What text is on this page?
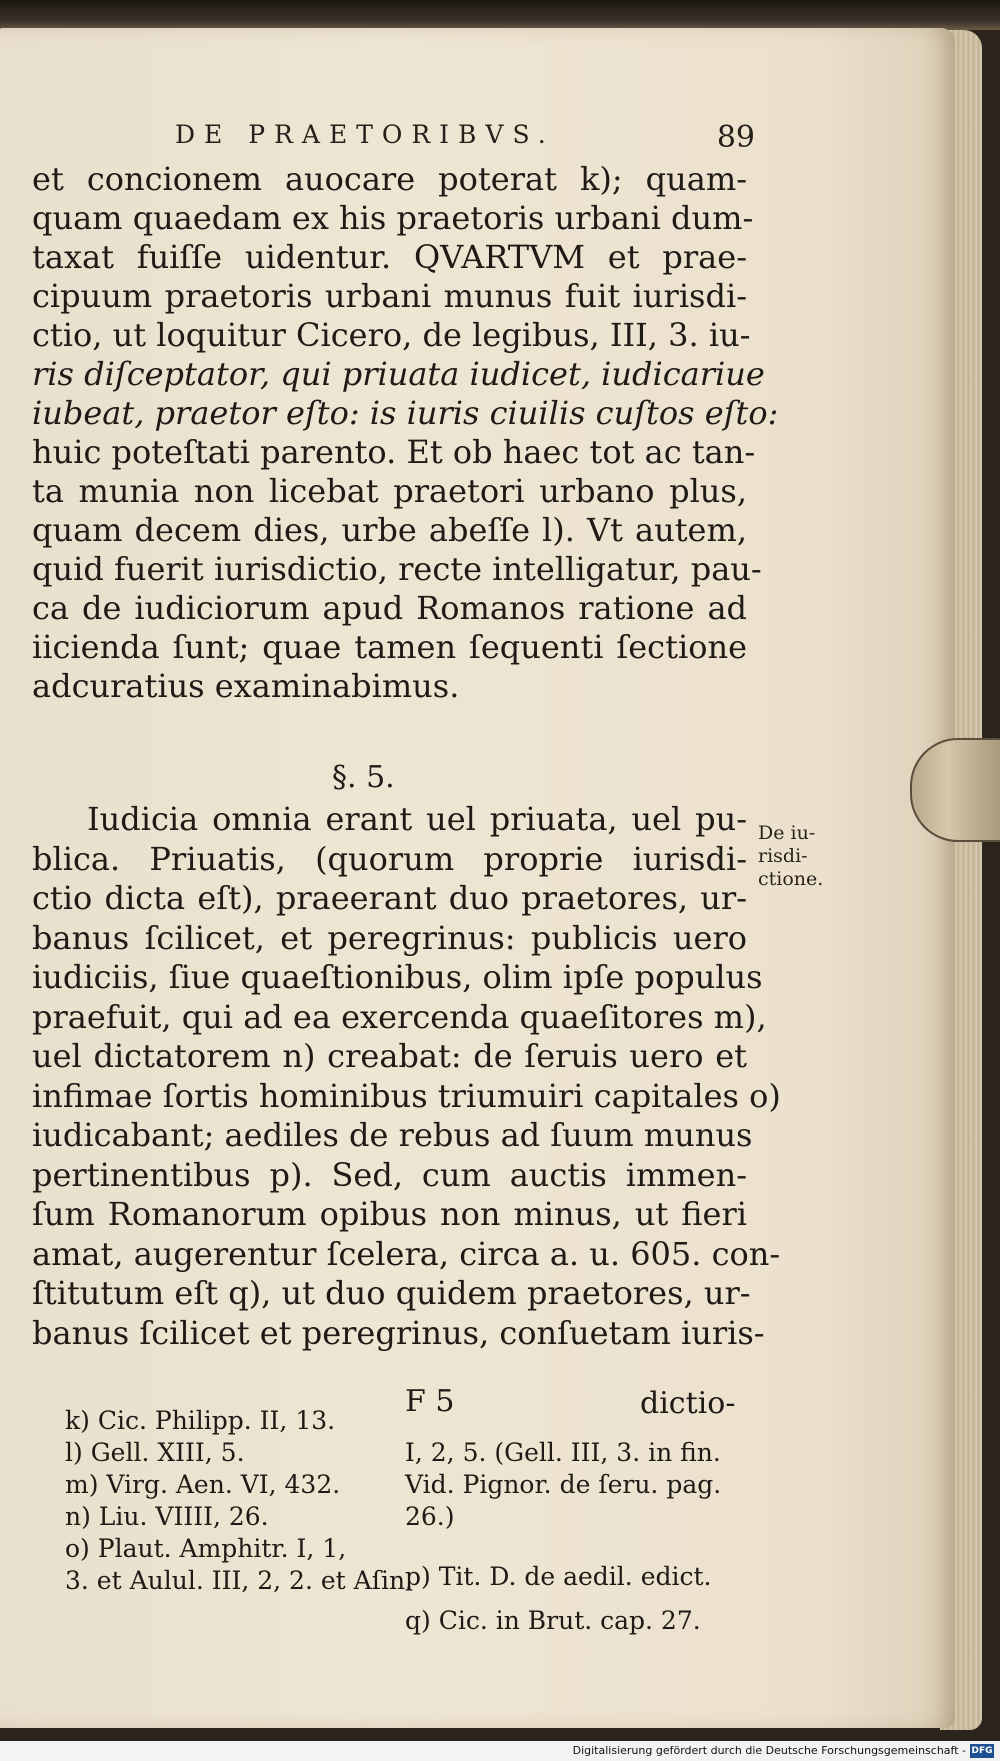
DE PRAETORIBVS.	89
et concionem auocare poterat k); quam-
quam quaedam ex his praetoris urbani dum-
taxat fuiſſe uidentur. QVARTVM et prae-
cipuum praetoris urbani munus fuit iurisdi-
ctio, ut loquitur Cicero, de legibus, III, 3. iu-
ris diſceptator, qui priuata iudicet, iudicariue
iubeat, praetor eſto: is iuris ciuilis cuſtos eſto:
huic poteſtati parento. Et ob haec tot ac tan-
ta munia non licebat praetori urbano plus,
quam decem dies, urbe abeſſe l). Vt autem,
quid fuerit iurisdictio, recte intelligatur, pau-
ca de iudiciorum apud Romanos ratione ad
iicienda ſunt; quae tamen ſequenti ſectione
adcuratius examinabimus.
§. 5.
Iudicia omnia erant uel priuata, uel pu-
blica. Priuatis, (quorum proprie iurisdi-
ctio dicta eſt), praeerant duo praetores, ur-
banus ſcilicet, et peregrinus: publicis uero
iudiciis, ſiue quaeſtionibus, olim ipſe populus
praefuit, qui ad ea exercenda quaeſitores m),
uel dictatorem n) creabat: de ſeruis uero et
infimae ſortis hominibus triumuiri capitales o)
iudicabant; aediles de rebus ad ſuum munus
pertinentibus p). Sed, cum auctis immen-
ſum Romanorum opibus non minus, ut fieri
amat, augerentur ſcelera, circa a. u. 605. con-
ſtitutum eſt q), ut duo quidem praetores, ur-
banus ſcilicet et peregrinus, conſuetam iuris-
De iu-
risdi-
ctione.
F 5	dictio-
k) Cic. Philipp. II, 13.
l) Gell. XIII, 5.
m) Virg. Aen. VI, 432.
n) Liu. VIIII, 26.
o) Plaut. Amphitr. I, 1,
3. et Aulul. III, 2, 2. et Aſin.
I, 2, 5. (Gell. III, 3. in fin.
Vid. Pignor. de ſeru. pag.
26.)
p) Tit. D. de aedil. edict.
q) Cic. in Brut. cap. 27.
Digitalisierung gefördert durch die Deutsche Forschungsgemeinschaft - DFG
